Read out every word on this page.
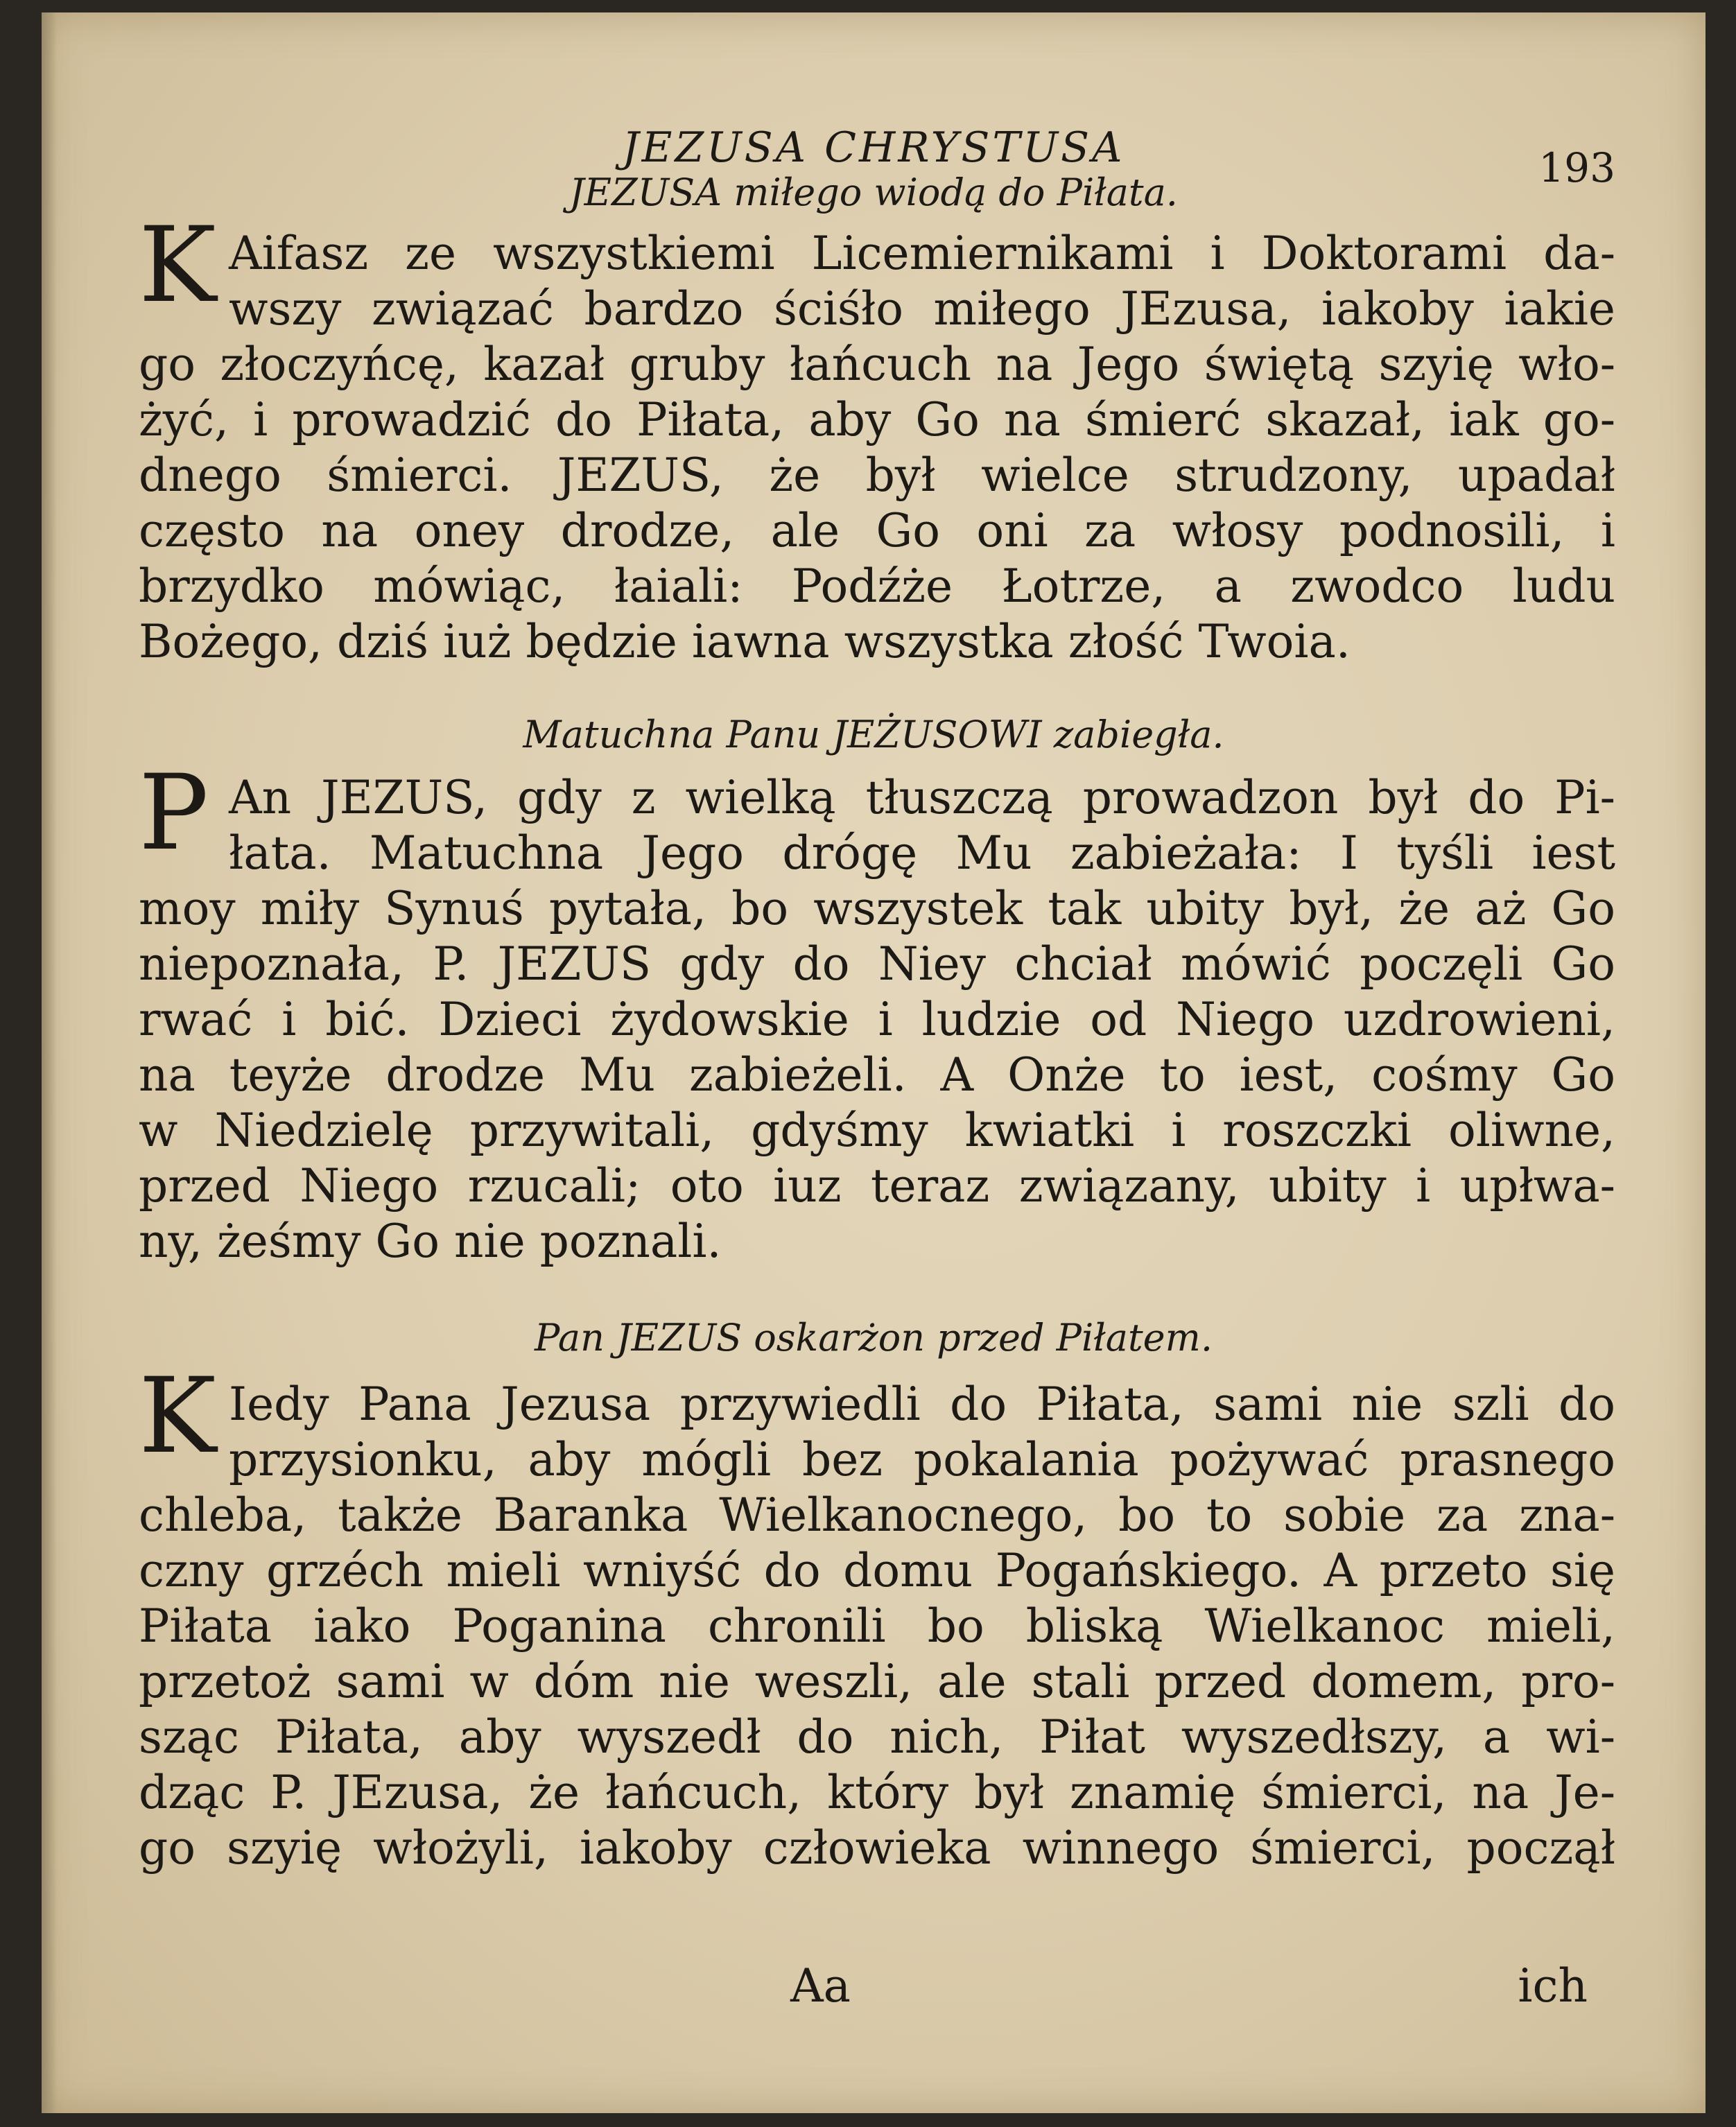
JEZUSA CHRYSTUSA	193
JEZUSA miłego wiodą do Piłata.
K Aifasz ze wszystkiemi Licemiernikami i Doktorami da-
wszy związać bardzo ściśło miłego JEzusa, iakoby iakie
go złoczyńcę, kazał gruby łańcuch na Jego świętą szyię wło-
żyć, i prowadzić do Piłata, aby Go na śmierć skazał, iak go-
dnego śmierci. JEZUS, że był wielce strudzony, upadał
często na oney drodze, ale Go oni za włosy podnosili, i
brzydko mówiąc, łaiali: Podźże Łotrze, a zwodco ludu
Bożego, dziś iuż będzie iawna wszystka złość Twoia.
Matuchna Panu JEŻUSOWI zabiegła.
P An JEZUS, gdy z wielką tłuszczą prowadzon był do Pi-
łata. Matuchna Jego drógę Mu zabieżała: I tyśli iest
moy miły Synuś pytała, bo wszystek tak ubity był, że aż Go
niepoznała, P. JEZUS gdy do Niey chciał mówić poczęli Go
rwać i bić. Dzieci żydowskie i ludzie od Niego uzdrowieni,
na teyże drodze Mu zabieżeli. A Onże to iest, cośmy Go
w Niedzielę przywitali, gdyśmy kwiatki i roszczki oliwne,
przed Niego rzucali; oto iuz teraz związany, ubity i upłwa-
ny, żeśmy Go nie poznali.
Pan JEZUS oskarżon przed Piłatem.
K Iedy Pana Jezusa przywiedli do Piłata, sami nie szli do
przysionku, aby mógli bez pokalania pożywać prasnego
chleba, także Baranka Wielkanocnego, bo to sobie za zna-
czny grzéch mieli wniyść do domu Pogańskiego. A przeto się
Piłata iako Poganina chronili bo bliską Wielkanoc mieli,
przetoż sami w dóm nie weszli, ale stali przed domem, pro-
sząc Piłata, aby wyszedł do nich, Piłat wyszedłszy, a wi-
dząc P. JEzusa, że łańcuch, który był znamię śmierci, na Je-
go szyię włożyli, iakoby człowieka winnego śmierci, począł
Aa	ich
